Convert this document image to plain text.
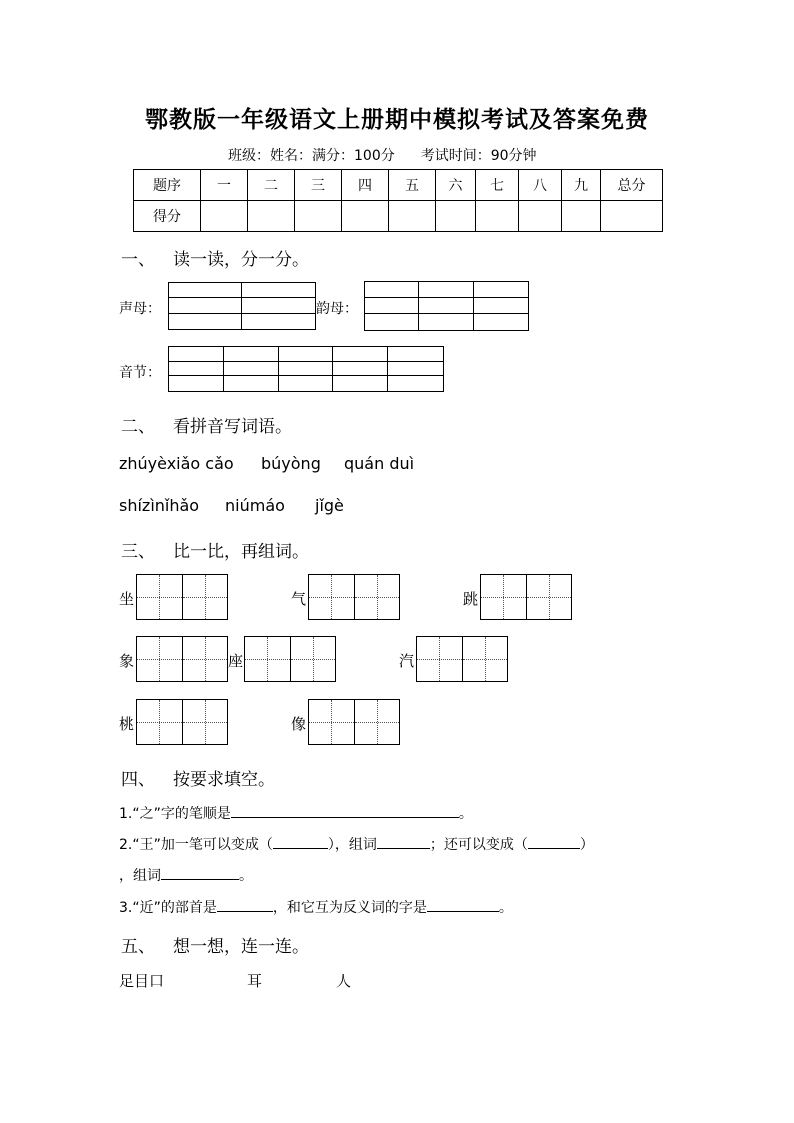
鄂教版一年级语文上册期中模拟考试及答案免费
班级：姓名：满分：100分 考试时间：90分钟
题序	一	二	三	四	五	六	七	八	九	总分
得分										
一、 读一读，分一分。
声母：	韵母：
音节：
二、 看拼音写词语。
zhúyèxiǎo cǎo búyòng quán duì
shízìnǐhǎo niúmáo jǐgè
三、 比一比，再组词。
坐	气	跳
象	座	汽
桃	像
四、 按要求填空。
1.“之”字的笔顺是	。
2.“王”加一笔可以变成（	），组词	；还可以变成（	）
，组词	。
3.“近”的部首是	，和它互为反义词的字是	。
五、 想一想，连一连。
足目口	耳	人
